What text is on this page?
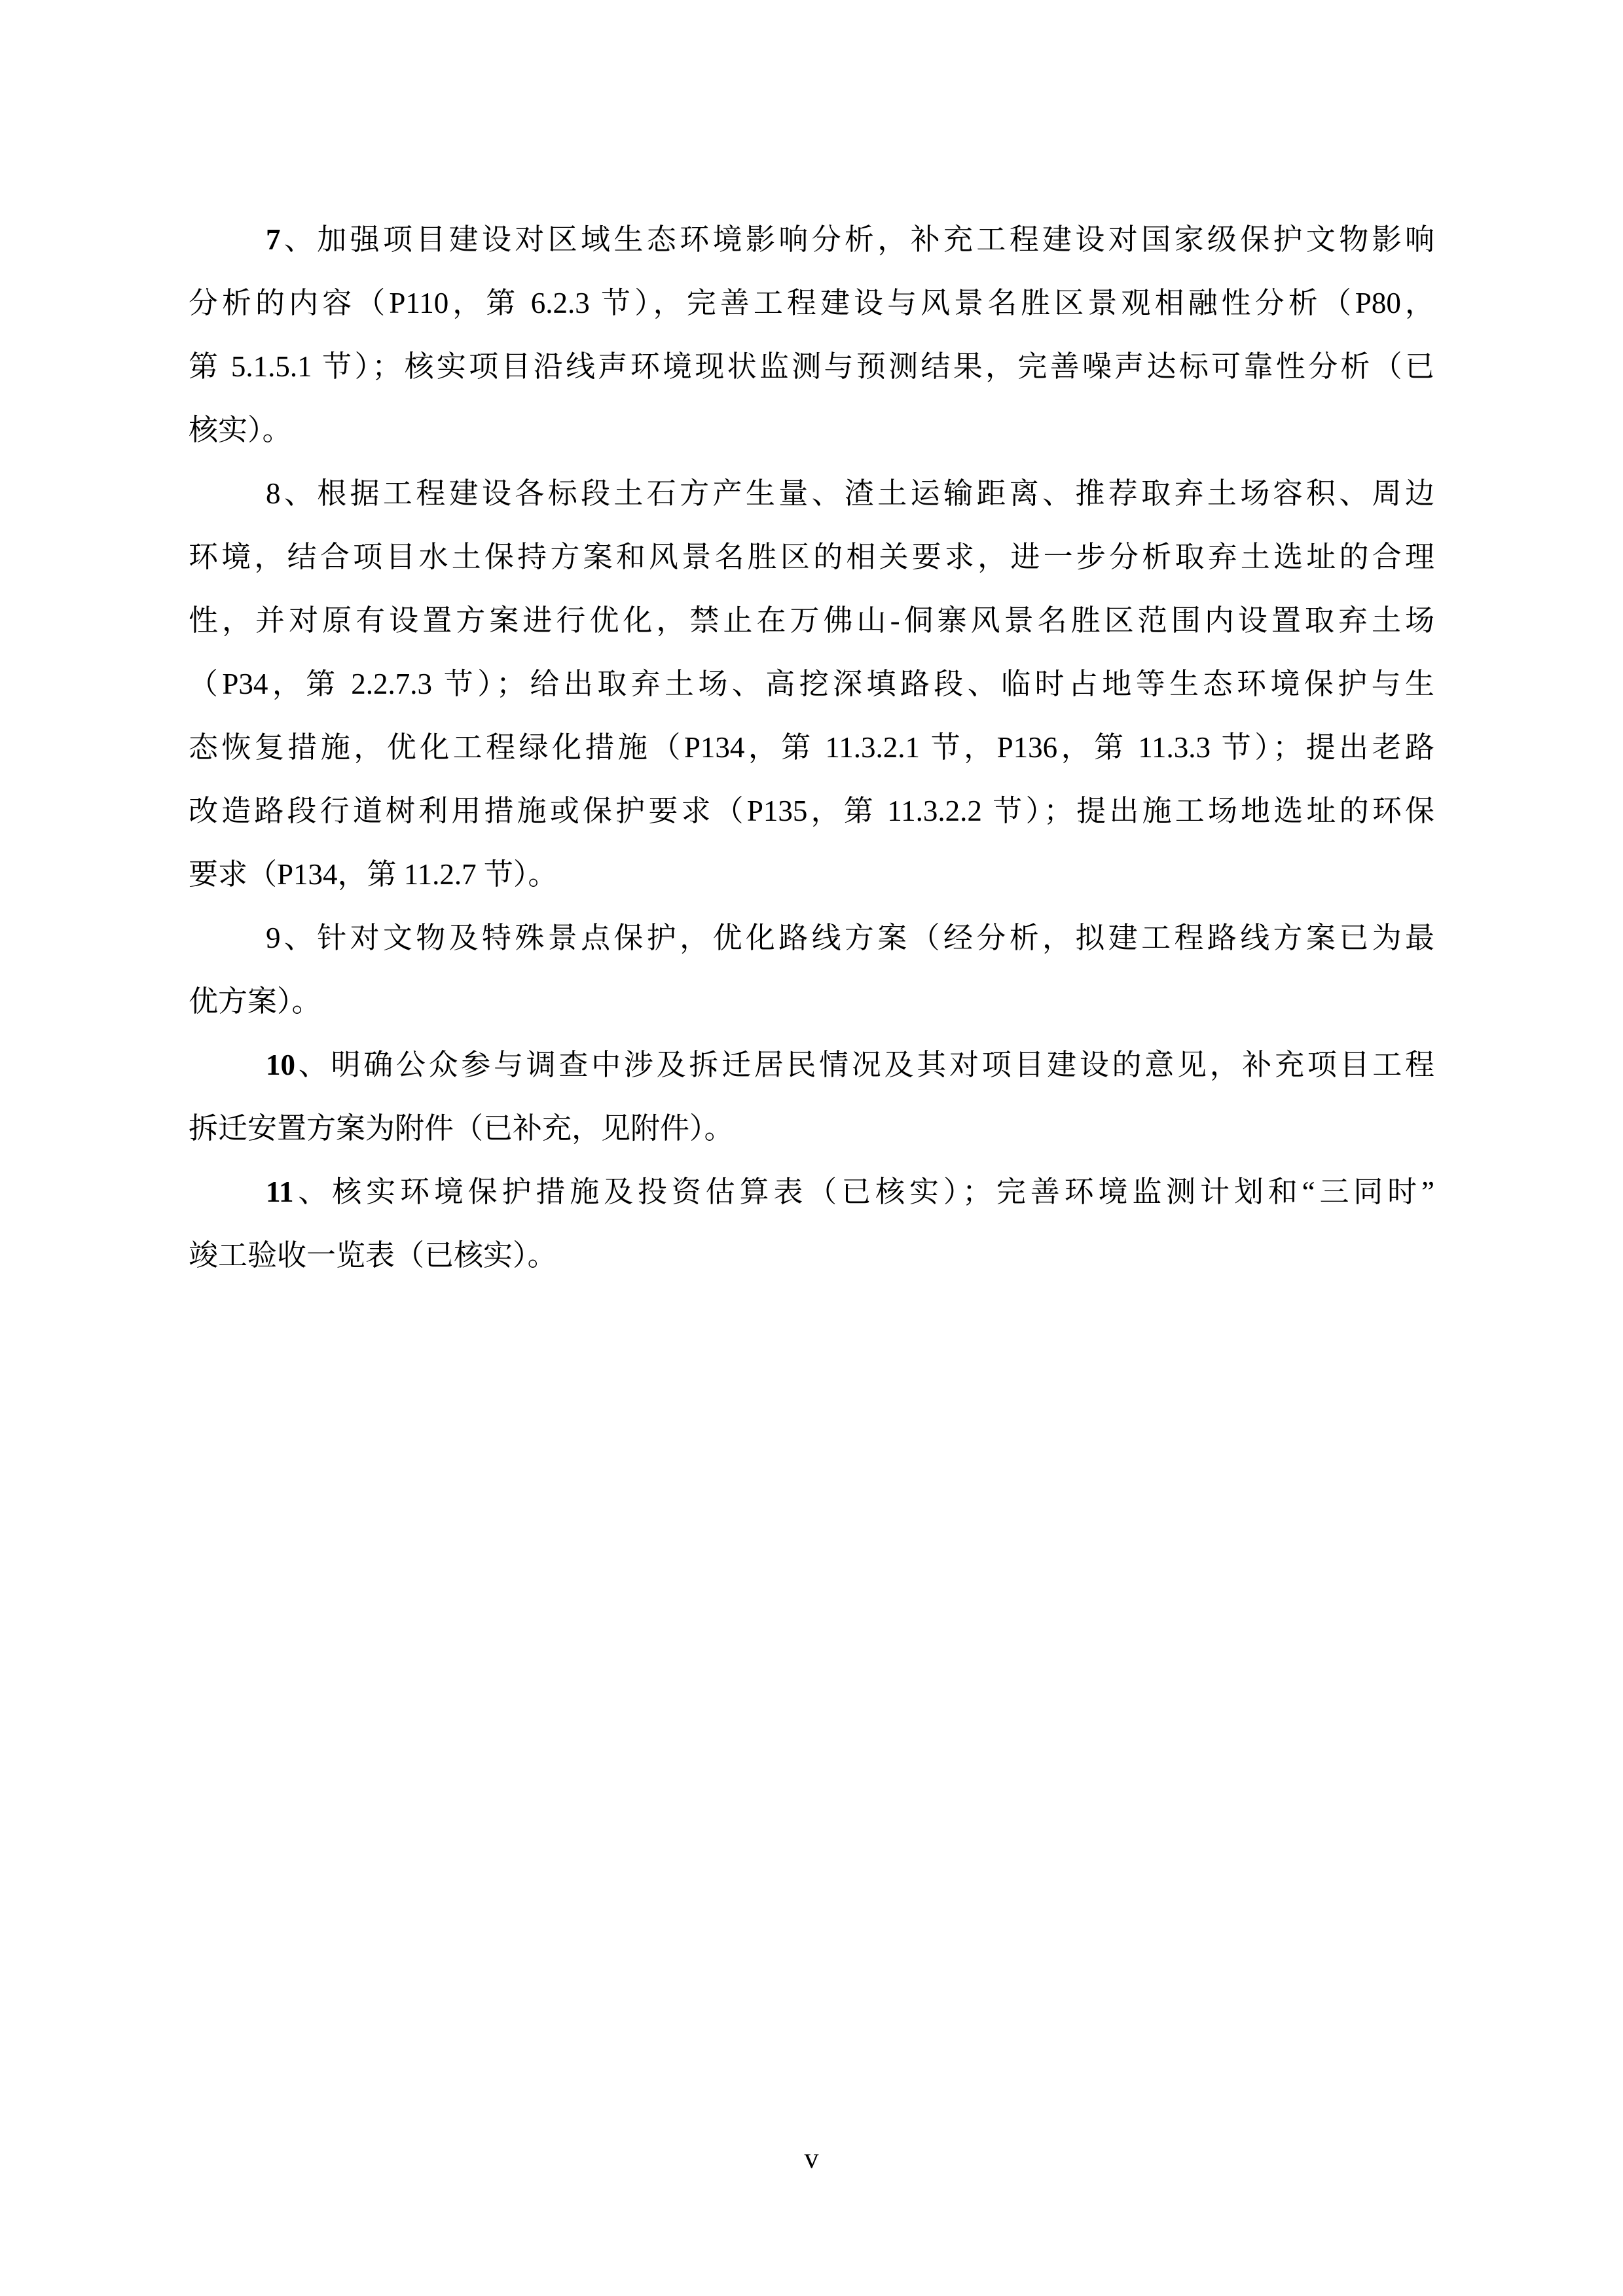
7、加强项目建设对区域生态环境影响分析，补充工程建设对国家级保护文物影响
分析的内容（P110，第 6.2.3 节），完善工程建设与风景名胜区景观相融性分析（P80，
第 5.1.5.1 节）；核实项目沿线声环境现状监测与预测结果，完善噪声达标可靠性分析（已
核实）。
8、根据工程建设各标段土石方产生量、渣土运输距离、推荐取弃土场容积、周边
环境，结合项目水土保持方案和风景名胜区的相关要求，进一步分析取弃土选址的合理
性，并对原有设置方案进行优化，禁止在万佛山-侗寨风景名胜区范围内设置取弃土场
（P34，第 2.2.7.3 节）；给出取弃土场、高挖深填路段、临时占地等生态环境保护与生
态恢复措施，优化工程绿化措施（P134，第 11.3.2.1 节，P136，第 11.3.3 节）；提出老路
改造路段行道树利用措施或保护要求（P135，第 11.3.2.2 节）；提出施工场地选址的环保
要求（P134，第 11.2.7 节）。
9、针对文物及特殊景点保护，优化路线方案（经分析，拟建工程路线方案已为最
优方案）。
10、明确公众参与调查中涉及拆迁居民情况及其对项目建设的意见，补充项目工程
拆迁安置方案为附件（已补充，见附件）。
11、核实环境保护措施及投资估算表（已核实）；完善环境监测计划和“三同时”
竣工验收一览表（已核实）。
v
